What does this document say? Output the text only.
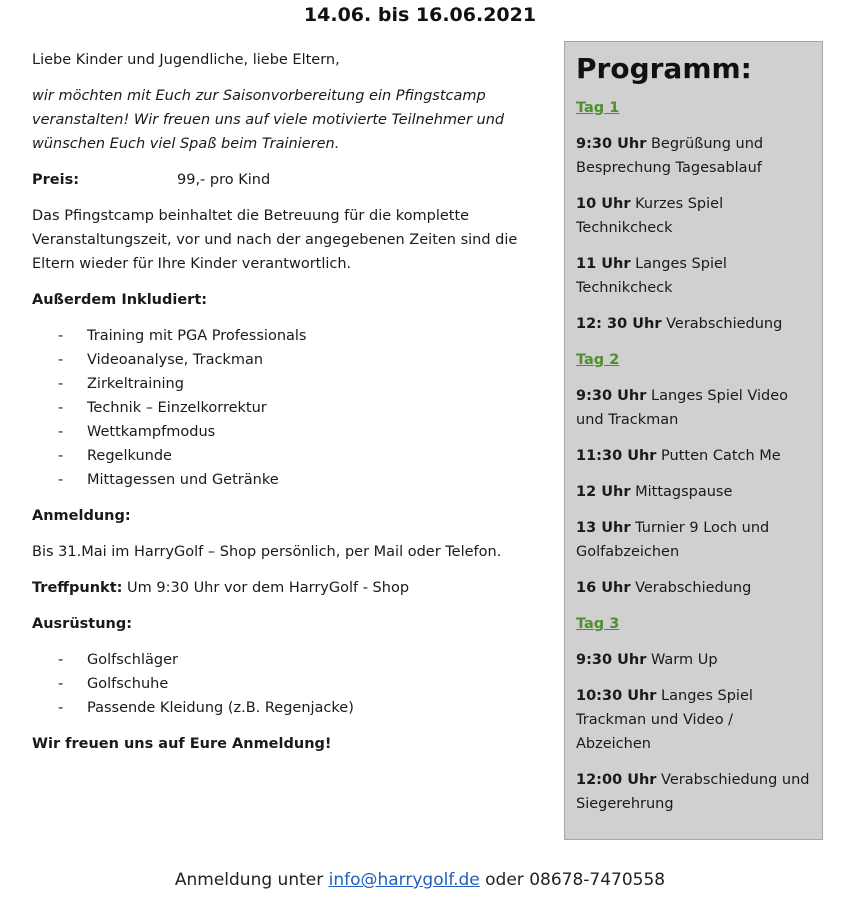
14.06. bis 16.06.2021

Liebe Kinder und Jugendliche, liebe Eltern,

wir möchten mit Euch zur Saisonvorbereitung ein Pfingstcamp
veranstalten! Wir freuen uns auf viele motivierte Teilnehmer und
wünschen Euch viel Spaß beim Trainieren.

Preis:	99,- pro Kind

Das Pfingstcamp beinhaltet die Betreuung für die komplette
Veranstaltungszeit, vor und nach der angegebenen Zeiten sind die
Eltern wieder für Ihre Kinder verantwortlich.

Außerdem Inkludiert:

-	Training mit PGA Professionals
-	Videoanalyse, Trackman
-	Zirkeltraining
-	Technik – Einzelkorrektur
-	Wettkampfmodus
-	Regelkunde
-	Mittagessen und Getränke

Anmeldung:

Bis 31.Mai im HarryGolf – Shop persönlich, per Mail oder Telefon.

Treffpunkt: Um 9:30 Uhr vor dem HarryGolf - Shop

Ausrüstung:

-	Golfschläger
-	Golfschuhe
-	Passende Kleidung (z.B. Regenjacke)

Wir freuen uns auf Eure Anmeldung!

Programm:

Tag 1

9:30 Uhr Begrüßung und
Besprechung Tagesablauf

10 Uhr Kurzes Spiel
Technikcheck

11 Uhr Langes Spiel
Technikcheck

12: 30 Uhr Verabschiedung

Tag 2

9:30 Uhr Langes Spiel Video
und Trackman

11:30 Uhr Putten Catch Me

12 Uhr Mittagspause

13 Uhr Turnier 9 Loch und
Golfabzeichen

16 Uhr Verabschiedung

Tag 3

9:30 Uhr Warm Up

10:30 Uhr Langes Spiel
Trackman und Video /
Abzeichen

12:00 Uhr Verabschiedung und
Siegerehrung

Anmeldung unter info@harrygolf.de oder 08678-7470558
